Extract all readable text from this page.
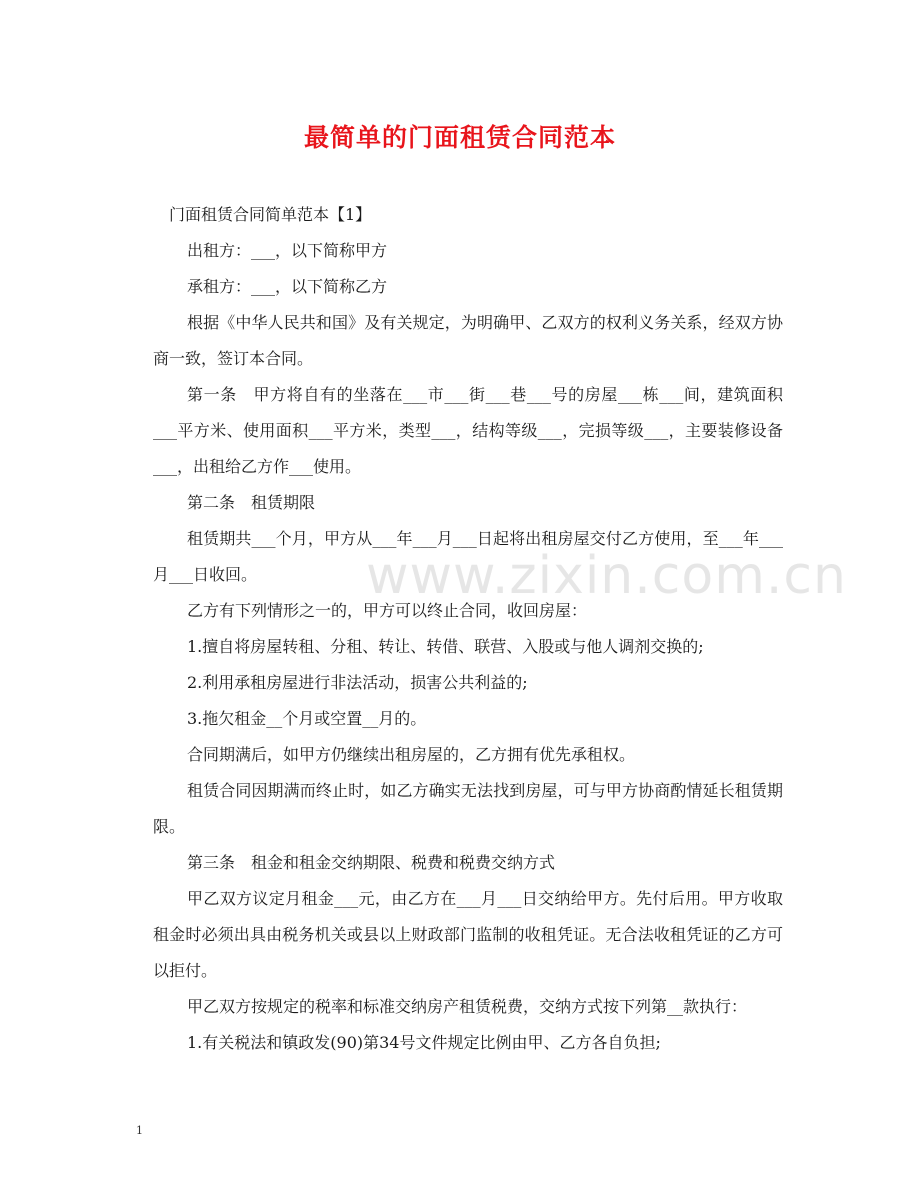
最简单的门面租赁合同范本

门面租赁合同简单范本【1】

出租方：___，以下简称甲方

承租方：___，以下简称乙方

根据《中华人民共和国》及有关规定，为明确甲、乙双方的权利义务关系，经双方协商一致，签订本合同。

第一条　甲方将自有的坐落在___市___街___巷___号的房屋___栋___间，建筑面积___平方米、使用面积___平方米，类型___，结构等级___，完损等级___，主要装修设备___，出租给乙方作___使用。

第二条　租赁期限

租赁期共___个月，甲方从___年___月___日起将出租房屋交付乙方使用，至___年___月___日收回。

乙方有下列情形之一的，甲方可以终止合同，收回房屋：

1.擅自将房屋转租、分租、转让、转借、联营、入股或与他人调剂交换的;

2.利用承租房屋进行非法活动，损害公共利益的;

3.拖欠租金__个月或空置__月的。

合同期满后，如甲方仍继续出租房屋的，乙方拥有优先承租权。

租赁合同因期满而终止时，如乙方确实无法找到房屋，可与甲方协商酌情延长租赁期限。

第三条　租金和租金交纳期限、税费和税费交纳方式

甲乙双方议定月租金___元，由乙方在___月___日交纳给甲方。先付后用。甲方收取租金时必须出具由税务机关或县以上财政部门监制的收租凭证。无合法收租凭证的乙方可以拒付。

甲乙双方按规定的税率和标准交纳房产租赁税费，交纳方式按下列第__款执行：

1.有关税法和镇政发(90)第34号文件规定比例由甲、乙方各自负担;

www.zixin.com.cn
1
